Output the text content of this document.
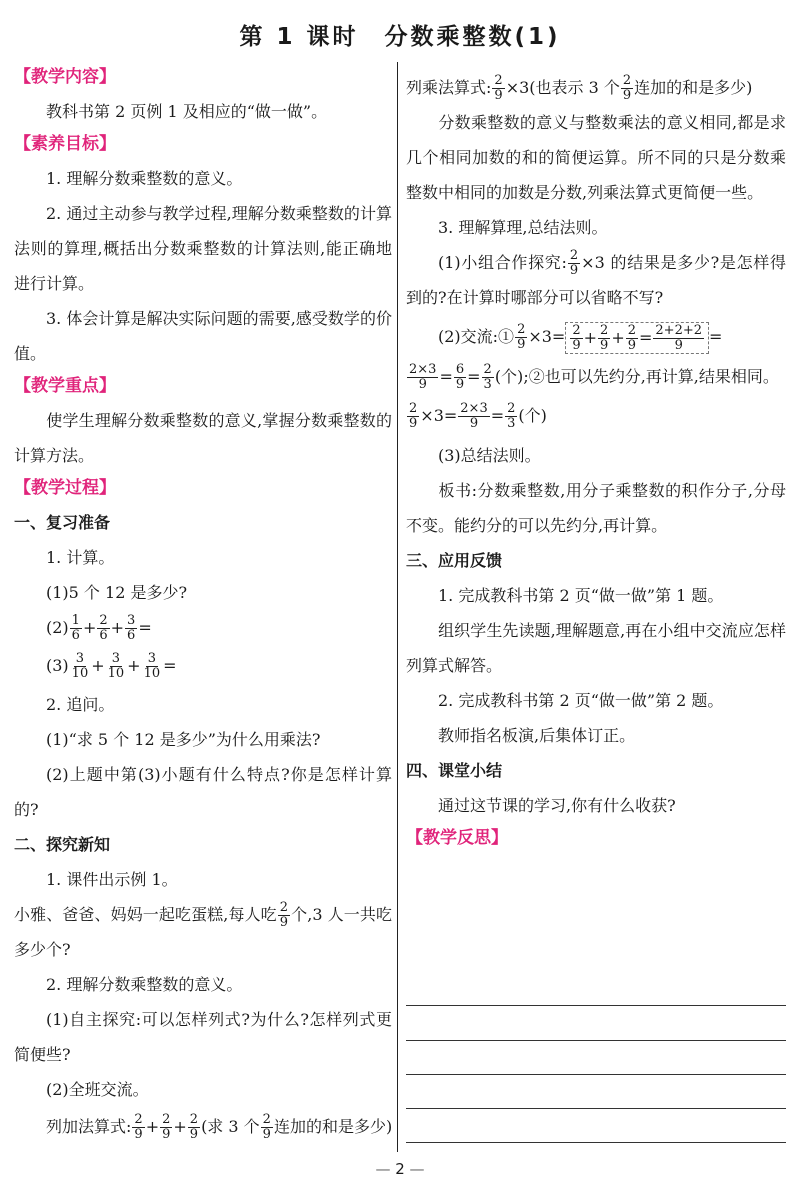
第 1 课时 分数乘整数(1)
【教学内容】

教科书第 2 页例 1 及相应的“做一做”。

【素养目标】

1. 理解分数乘整数的意义。

2. 通过主动参与教学过程,理解分数乘整数的计算法则的算理,概括出分数乘整数的计算法则,能正确地进行计算。

3. 体会计算是解决实际问题的需要,感受数学的价值。

【教学重点】

使学生理解分数乘整数的意义,掌握分数乘整数的计算方法。

【教学过程】
一、复习准备

1. 计算。

(1)5 个 12 是多少?

$(2) \frac{1}{6} + \frac{2}{6} + \frac{3}{6}$ =

$(3) \frac{3}{10} + \frac{3}{10} + \frac{3}{10}$ =

2. 追问。

(1)“求 5 个 12 是多少”为什么用乘法?

(2)上题中第(3)小题有什么特点?你是怎样计算的?

二、探究新知

1. 课件出示例 1。

小雅、爸爸、妈妈一起吃蛋糕,每人吃 $\frac{2}{9}$ 个,3 人一共吃多少个?

2. 理解分数乘整数的意义。

(1)自主探究:可以怎样列式?为什么?怎样列式更简便些?

(2)全班交流。

列加法算式: $\frac{2}{9} + \frac{2}{9} + \frac{2}{9}$ (求 3 个 $\frac{2}{9}$ 连加的和是多少)

列乘法算式: $\frac{2}{9} \times 3$(也表示 3 个 $\frac{2}{9}$ 连加的和是多少)

分数乘整数的意义与整数乘法的意义相同,都是求几个相同加数的和的简便运算。所不同的只是分数乘整数中相同的加数是分数,列乘法算式更简便一些。

3. 理解算理,总结法则。

(1)小组合作探究: $\frac{2}{9} \times 3$ 的结果是多少?是怎样得到的?在计算时哪部分可以省略不写?

(2)交流:① $\frac{2}{9} \times 3= \frac{2}{9} + \frac{2}{9} + \frac{2}{9} = \frac{2+2+2}{9}$ =

$\frac{2\times 3}{9} = \frac{6}{9} = \frac{2}{3}$ (个);②也可以先约分,再计算,结果相同。

$\frac{2}{9} \times 3= \frac{2\times 3}{9} = \frac{2}{3}$ (个)

(3)总结法则。

板书:分数乘整数,用分子乘整数的积作分子,分母不变。能约分的可以先约分,再计算。

三、应用反馈

1. 完成教科书第 2 页“做一做”第 1 题。

组织学生先读题,理解题意,再在小组中交流应怎样列算式解答。

2. 完成教科书第 2 页“做一做”第 2 题。

教师指名板演,后集体订正。

四、课堂小结

通过这节课的学习,你有什么收获?

【教学反思】
— 2 —
